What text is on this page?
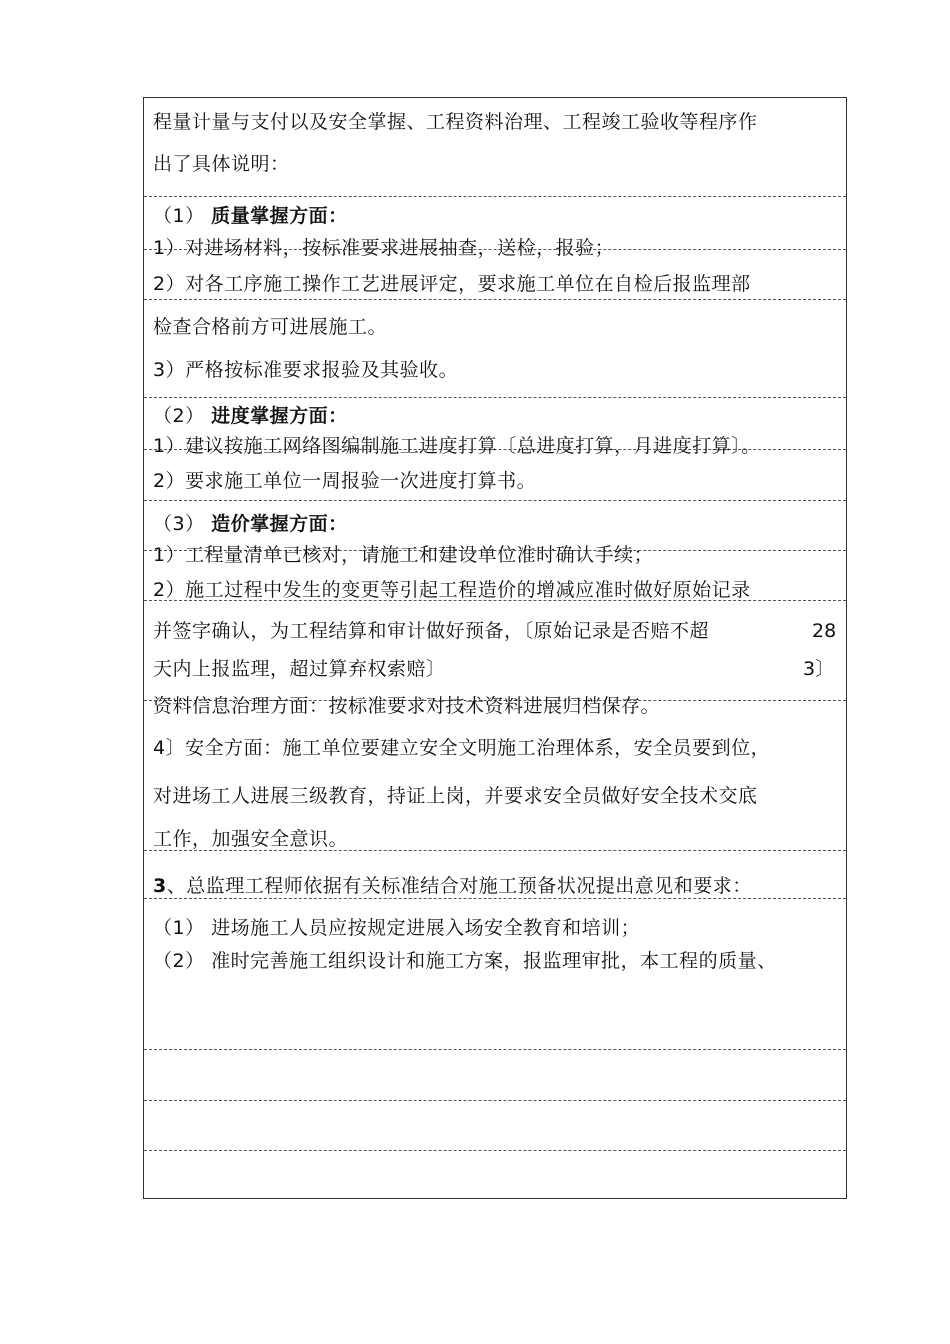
程量计量与支付以及安全掌握、工程资料治理、工程竣工验收等程序作
出了具体说明：
（1） 质量掌握方面：
1）对进场材料，按标准要求进展抽查，送检，报验；
2）对各工序施工操作工艺进展评定，要求施工单位在自检后报监理部
检查合格前方可进展施工。
3）严格按标准要求报验及其验收。
（2） 进度掌握方面：
1）建议按施工网络图编制施工进度打算〔总进度打算，月进度打算〕。
2）要求施工单位一周报验一次进度打算书。
（3） 造价掌握方面：
1）工程量清单已核对，请施工和建设单位准时确认手续；
2）施工过程中发生的变更等引起工程造价的增减应准时做好原始记录
并签字确认，为工程结算和审计做好预备，〔原始记录是否赔不超	28
天内上报监理，超过算弃权索赔〕	3〕
资料信息治理方面：按标准要求对技术资料进展归档保存。
4〕安全方面：施工单位要建立安全文明施工治理体系，安全员要到位，
对进场工人进展三级教育，持证上岗，并要求安全员做好安全技术交底
工作，加强安全意识。
3、总监理工程师依据有关标准结合对施工预备状况提出意见和要求：
（1） 进场施工人员应按规定进展入场安全教育和培训；
（2） 准时完善施工组织设计和施工方案，报监理审批，本工程的质量、
